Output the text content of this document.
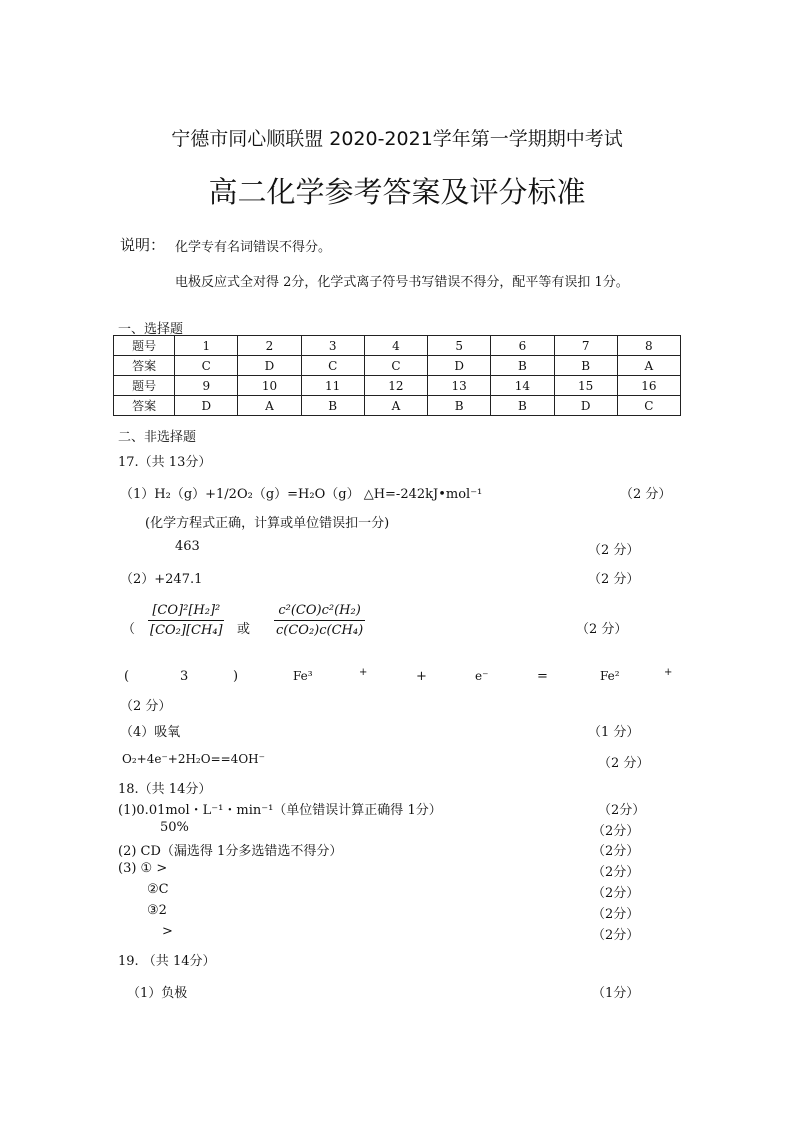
宁德市同心顺联盟 2020-2021学年第一学期期中考试
高二化学参考答案及评分标准
说明： 化学专有名词错误不得分。
电极反应式全对得 2分，化学式离子符号书写错误不得分，配平等有误扣 1分。
一、选择题
题号	1	2	3	4	5	6	7	8
答案	C	D	C	C	D	B	B	A
题号	9	10	11	12	13	14	15	16
答案	D	A	B	A	B	B	D	C
二、非选择题
17.（共 13分）
（1）H₂（g）+1/2O₂（g）=H₂O（g） △H=-242kJ•mol⁻¹	（2 分）
(化学方程式正确，计算或单位错误扣一分)
463	（2 分）
（2）+247.1	（2 分）
（ $\frac{\text{[CO]²[H₂]²}}{\text{[CO₂][CH₄]}}$ 或 $\frac{\text{c²(CO)c²(H₂)}}{\text{c(CO₂)c(CH₄)}}$	（2 分）
(	3	)	Fe³	+	+	e⁻	=	Fe²	+
（2 分）
（4）吸氧	（1 分）
O₂+4e⁻+2H₂O==4OH⁻	（2 分）
18.（共 14分）
(1)0.01mol・L⁻¹・min⁻¹（单位错误计算正确得 1分）	（2分）
50%	（2分）
(2) CD（漏选得 1分多选错选不得分）	（2分）
(3) ① >	（2分）
②C	（2分）
③2	（2分）
>	（2分）
19. （共 14分）
（1）负极	（1分）
